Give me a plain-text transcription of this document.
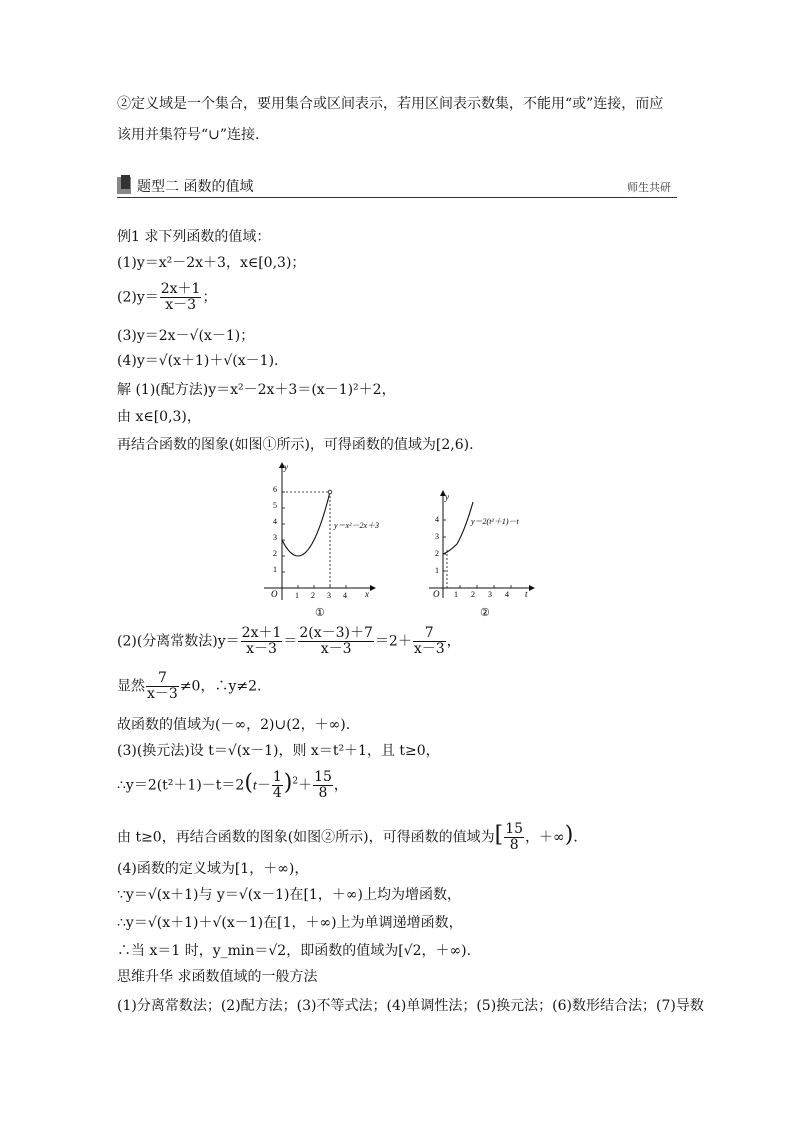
②定义域是一个集合，要用集合或区间表示，若用区间表示数集，不能用“或”连接，而应
该用并集符号“∪”连接.
题型二 函数的值域	师生共研
例1 求下列函数的值域：
(1)y＝x²－2x＋3，x∈[0,3)；
$(2)y= \frac{2x+1}{x-3}$ ；
(3)y＝2x－√(x－1)；
(4)y＝√(x＋1)＋√(x－1).
解 (1)(配方法)y＝x²－2x＋3＝(x－1)²＋2，
由 x∈[0,3)，
再结合函数的图象(如图①所示)，可得函数的值域为[2,6).
y
x
O 1 2 3 4
1
2
3
4
5
6
y＝x²－2x＋3
①
y
t
O 1 2 3 4
1
2
3
4	y＝2(t²＋1)－t
②
(2)(分离常数法)$y= \frac{2x+1}{x-3} = \frac{2(x-3)+7}{x-3} =2+ \frac{7}{x-3}$ ，
显然 $\frac{7}{x-3} \ne 0$，∴y≠2.
故函数的值域为(－∞，2)∪(2，＋∞).
(3)(换元法)设 t＝√(x－1)，则 x＝t²＋1，且 t≥0，
∴y＝2(t²＋1)－t＝2(t－ $\frac{1}{4} )^2+ \frac{15}{8}$ ，
由 t≥0，再结合函数的图象(如图②所示)，可得函数的值域为[ $\frac{15}{8}$ ，＋∞).
(4)函数的定义域为[1，＋∞)，
∵y＝√(x＋1)与 y＝√(x－1)在[1，＋∞)上均为增函数，
∴y＝√(x＋1)＋√(x－1)在[1，＋∞)上为单调递增函数，
∴当 x＝1 时，y_min＝√2，即函数的值域为[√2，＋∞).
思维升华 求函数值域的一般方法
(1)分离常数法；(2)配方法；(3)不等式法；(4)单调性法；(5)换元法；(6)数形结合法；(7)导数
